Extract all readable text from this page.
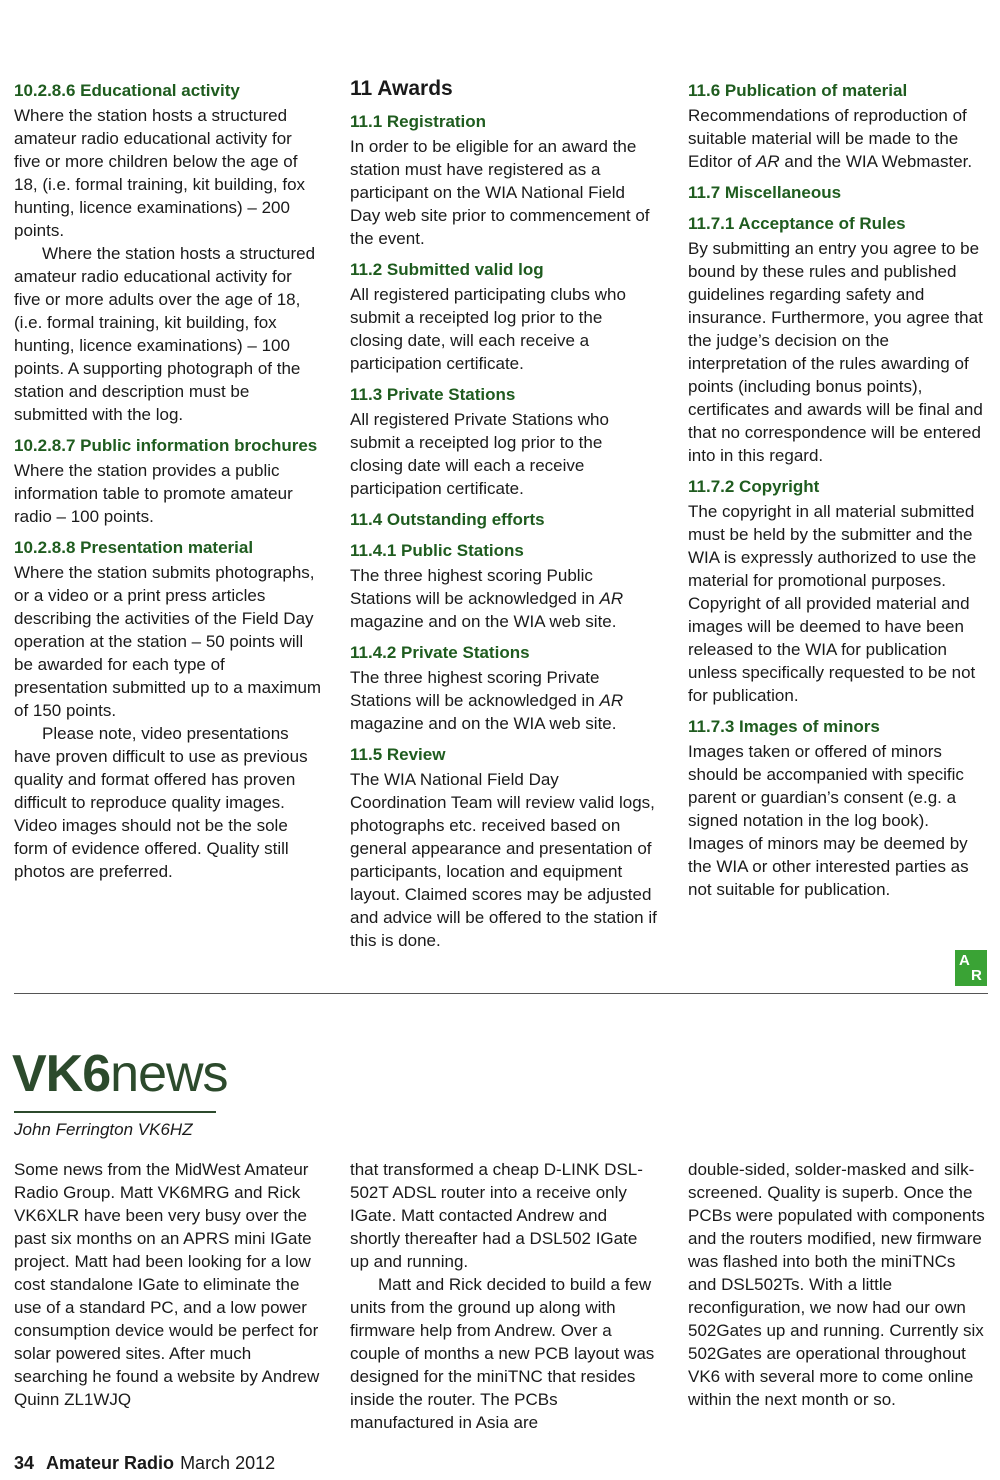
10.2.8.6 Educational activity

Where the station hosts a structured amateur radio educational activity for five or more children below the age of 18, (i.e. formal training, kit building, fox hunting, licence examinations) – 200 points.

Where the station hosts a structured amateur radio educational activity for five or more adults over the age of 18, (i.e. formal training, kit building, fox hunting, licence examinations) – 100 points. A supporting photograph of the station and description must be submitted with the log.

10.2.8.7 Public information brochures

Where the station provides a public information table to promote amateur radio – 100 points.

10.2.8.8 Presentation material

Where the station submits photographs, or a video or a print press articles describing the activities of the Field Day operation at the station – 50 points will be awarded for each type of presentation submitted up to a maximum of 150 points.

Please note, video presentations have proven difficult to use as previous quality and format offered has proven difficult to reproduce quality images. Video images should not be the sole form of evidence offered. Quality still photos are preferred.

11 Awards
11.1 Registration

In order to be eligible for an award the station must have registered as a participant on the WIA National Field Day web site prior to commencement of the event.

11.2 Submitted valid log

All registered participating clubs who submit a receipted log prior to the closing date, will each receive a participation certificate.

11.3 Private Stations

All registered Private Stations who submit a receipted log prior to the closing date will each a receive participation certificate.

11.4 Outstanding efforts
11.4.1 Public Stations

The three highest scoring Public Stations will be acknowledged in AR magazine and on the WIA web site.

11.4.2 Private Stations

The three highest scoring Private Stations will be acknowledged in AR magazine and on the WIA web site.

11.5 Review

The WIA National Field Day Coordination Team will review valid logs, photographs etc. received based on general appearance and presentation of participants, location and equipment layout. Claimed scores may be adjusted and advice will be offered to the station if this is done.

11.6 Publication of material

Recommendations of reproduction of suitable material will be made to the Editor of AR and the WIA Webmaster.

11.7 Miscellaneous
11.7.1 Acceptance of Rules

By submitting an entry you agree to be bound by these rules and published guidelines regarding safety and insurance. Furthermore, you agree that the judge’s decision on the interpretation of the rules awarding of points (including bonus points), certificates and awards will be final and that no correspondence will be entered into in this regard.

11.7.2 Copyright

The copyright in all material submitted must be held by the submitter and the WIA is expressly authorized to use the material for promotional purposes. Copyright of all provided material and images will be deemed to have been released to the WIA for publication unless specifically requested to be not for publication.

11.7.3 Images of minors

Images taken or offered of minors should be accompanied with specific parent or guardian’s consent (e.g. a signed notation in the log book). Images of minors may be deemed by the WIA or other interested parties as not suitable for publication.

A
R
VK6news
John Ferrington VK6HZ

Some news from the MidWest Amateur Radio Group. Matt VK6MRG and Rick VK6XLR have been very busy over the past six months on an APRS mini IGate project. Matt had been looking for a low cost standalone IGate to eliminate the use of a standard PC, and a low power consumption device would be perfect for solar powered sites. After much searching he found a website by Andrew Quinn ZL1WJQ

that transformed a cheap D-LINK DSL-502T ADSL router into a receive only IGate. Matt contacted Andrew and shortly thereafter had a DSL502 IGate up and running.

Matt and Rick decided to build a few units from the ground up along with firmware help from Andrew. Over a couple of months a new PCB layout was designed for the miniTNC that resides inside the router. The PCBs manufactured in Asia are

double-sided, solder-masked and silk-screened. Quality is superb. Once the PCBs were populated with components and the routers modified, new firmware was flashed into both the miniTNCs and DSL502Ts. With a little reconfiguration, we now had our own 502Gates up and running. Currently six 502Gates are operational throughout VK6 with several more to come online within the next month or so.

34 Amateur Radio March 2012
